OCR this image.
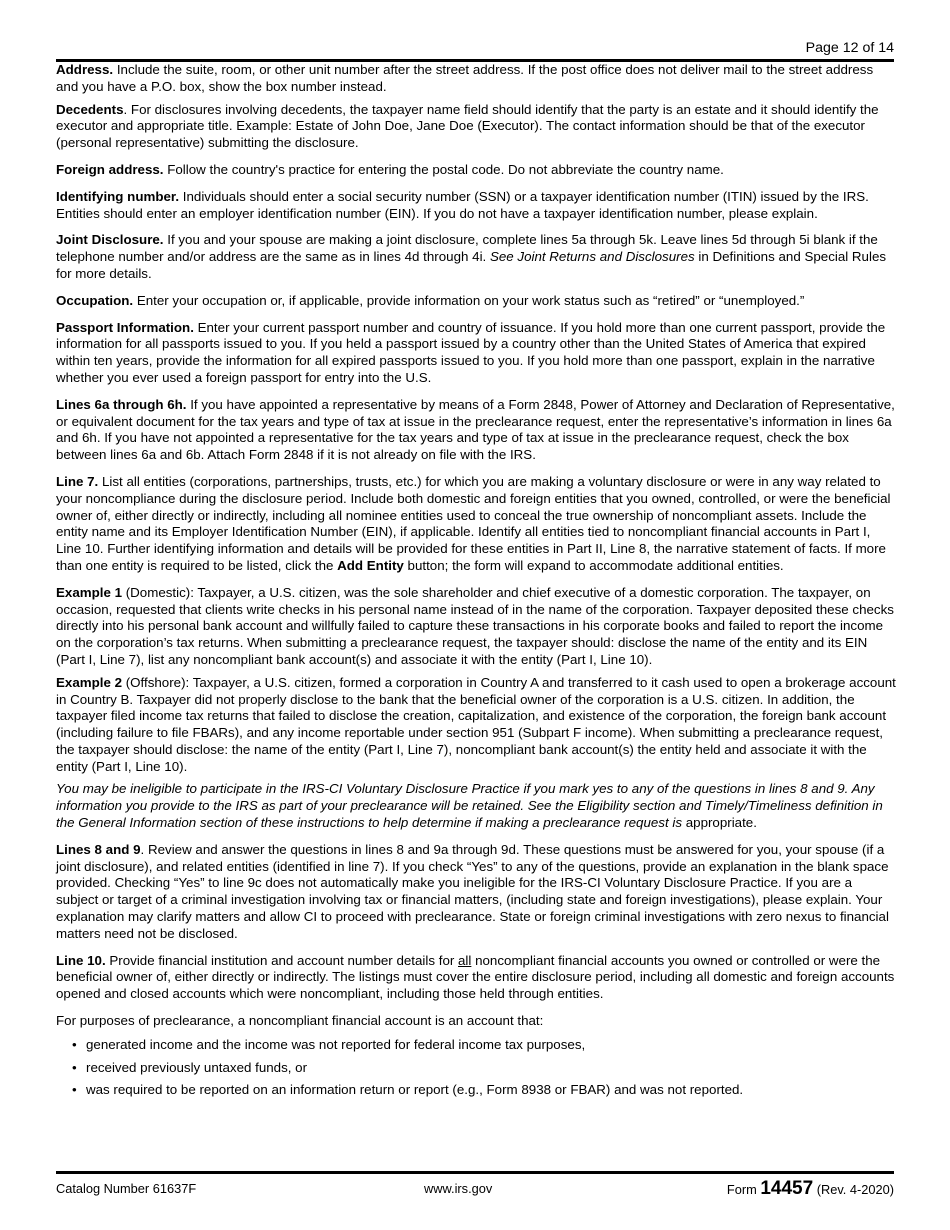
Page 12 of 14

Address. Include the suite, room, or other unit number after the street address. If the post office does not deliver mail to the street address and you have a P.O. box, show the box number instead.

Decedents. For disclosures involving decedents, the taxpayer name field should identify that the party is an estate and it should identify the executor and appropriate title. Example: Estate of John Doe, Jane Doe (Executor). The contact information should be that of the executor (personal representative) submitting the disclosure.

Foreign address. Follow the country's practice for entering the postal code. Do not abbreviate the country name.

Identifying number. Individuals should enter a social security number (SSN) or a taxpayer identification number (ITIN) issued by the IRS. Entities should enter an employer identification number (EIN). If you do not have a taxpayer identification number, please explain.

Joint Disclosure. If you and your spouse are making a joint disclosure, complete lines 5a through 5k. Leave lines 5d through 5i blank if the telephone number and/or address are the same as in lines 4d through 4i. See Joint Returns and Disclosures in Definitions and Special Rules for more details.

Occupation. Enter your occupation or, if applicable, provide information on your work status such as “retired” or “unemployed.”

Passport Information. Enter your current passport number and country of issuance. If you hold more than one current passport, provide the information for all passports issued to you. If you held a passport issued by a country other than the United States of America that expired within ten years, provide the information for all expired passports issued to you. If you hold more than one passport, explain in the narrative whether you ever used a foreign passport for entry into the U.S.

Lines 6a through 6h. If you have appointed a representative by means of a Form 2848, Power of Attorney and Declaration of Representative, or equivalent document for the tax years and type of tax at issue in the preclearance request, enter the representative’s information in lines 6a and 6h. If you have not appointed a representative for the tax years and type of tax at issue in the preclearance request, check the box between lines 6a and 6b. Attach Form 2848 if it is not already on file with the IRS.

Line 7. List all entities (corporations, partnerships, trusts, etc.) for which you are making a voluntary disclosure or were in any way related to your noncompliance during the disclosure period. Include both domestic and foreign entities that you owned, controlled, or were the beneficial owner of, either directly or indirectly, including all nominee entities used to conceal the true ownership of noncompliant assets. Include the entity name and its Employer Identification Number (EIN), if applicable. Identify all entities tied to noncompliant financial accounts in Part I, Line 10. Further identifying information and details will be provided for these entities in Part II, Line 8, the narrative statement of facts. If more than one entity is required to be listed, click the Add Entity button; the form will expand to accommodate additional entities.

Example 1 (Domestic): Taxpayer, a U.S. citizen, was the sole shareholder and chief executive of a domestic corporation. The taxpayer, on occasion, requested that clients write checks in his personal name instead of in the name of the corporation. Taxpayer deposited these checks directly into his personal bank account and willfully failed to capture these transactions in his corporate books and failed to report the income on the corporation’s tax returns. When submitting a preclearance request, the taxpayer should: disclose the name of the entity and its EIN (Part I, Line 7), list any noncompliant bank account(s) and associate it with the entity (Part I, Line 10).

Example 2 (Offshore): Taxpayer, a U.S. citizen, formed a corporation in Country A and transferred to it cash used to open a brokerage account in Country B. Taxpayer did not properly disclose to the bank that the beneficial owner of the corporation is a U.S. citizen. In addition, the taxpayer filed income tax returns that failed to disclose the creation, capitalization, and existence of the corporation, the foreign bank account (including failure to file FBARs), and any income reportable under section 951 (Subpart F income). When submitting a preclearance request, the taxpayer should disclose: the name of the entity (Part I, Line 7), noncompliant bank account(s) the entity held and associate it with the entity (Part I, Line 10).

You may be ineligible to participate in the IRS-CI Voluntary Disclosure Practice if you mark yes to any of the questions in lines 8 and 9. Any information you provide to the IRS as part of your preclearance will be retained. See the Eligibility section and Timely/Timeliness definition in the General Information section of these instructions to help determine if making a preclearance request is appropriate.

Lines 8 and 9. Review and answer the questions in lines 8 and 9a through 9d. These questions must be answered for you, your spouse (if a joint disclosure), and related entities (identified in line 7). If you check “Yes” to any of the questions, provide an explanation in the blank space provided. Checking “Yes” to line 9c does not automatically make you ineligible for the IRS-CI Voluntary Disclosure Practice. If you are a subject or target of a criminal investigation involving tax or financial matters, (including state and foreign investigations), please explain. Your explanation may clarify matters and allow CI to proceed with preclearance. State or foreign criminal investigations with zero nexus to financial matters need not be disclosed.

Line 10. Provide financial institution and account number details for all noncompliant financial accounts you owned or controlled or were the beneficial owner of, either directly or indirectly. The listings must cover the entire disclosure period, including all domestic and foreign accounts opened and closed accounts which were noncompliant, including those held through entities.

For purposes of preclearance, a noncompliant financial account is an account that:

• generated income and the income was not reported for federal income tax purposes,
• received previously untaxed funds, or
• was required to be reported on an information return or report (e.g., Form 8938 or FBAR) and was not reported.
Catalog Number 61637F	www.irs.gov	Form 14457 (Rev. 4-2020)
